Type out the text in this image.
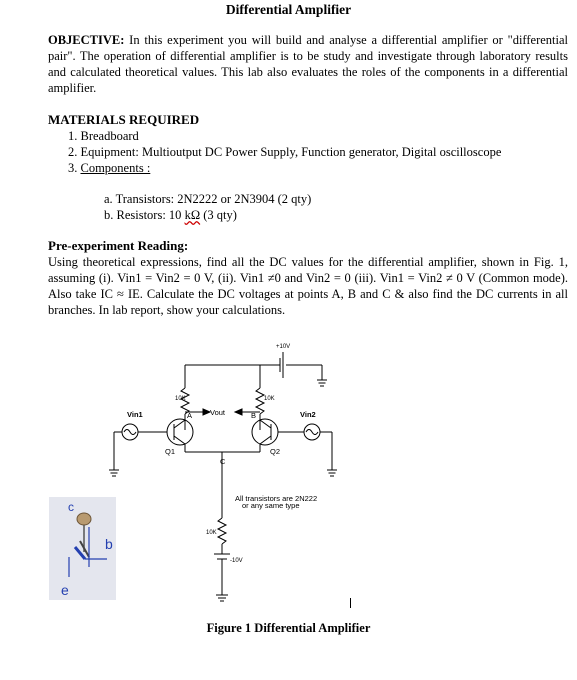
Differential Amplifier
OBJECTIVE: In this experiment you will build and analyse a differential amplifier or "differential pair". The operation of differential amplifier is to be study and investigate through laboratory results and calculated theoretical values. This lab also evaluates the roles of the components in a differential amplifier.
MATERIALS REQUIRED
1. Breadboard
2. Equipment: Multioutput DC Power Supply, Function generator, Digital oscilloscope
3. Components :
a. Transistors: 2N2222 or 2N3904 (2 qty)
b. Resistors: 10 kΩ (3 qty)
Pre-experiment Reading:
Using theoretical expressions, find all the DC values for the differential amplifier, shown in Fig. 1, assuming (i). Vin1 = Vin2 = 0 V, (ii). Vin1 ≠0 and Vin2 = 0 (iii). Vin1 = Vin2 ≠ 0 V (Common mode). Also take IC ≈ IE. Calculate the DC voltages at points A, B and C & also find the DC currents in all branches. In lab report, show your calculations.
+10V
10K	10K
10K
-10V
Vout
A	B
C
Vin1	Vin2
Q1	Q2
All transistors are 2N222
or any same type
c
b
e
Figure 1 Differential Amplifier
